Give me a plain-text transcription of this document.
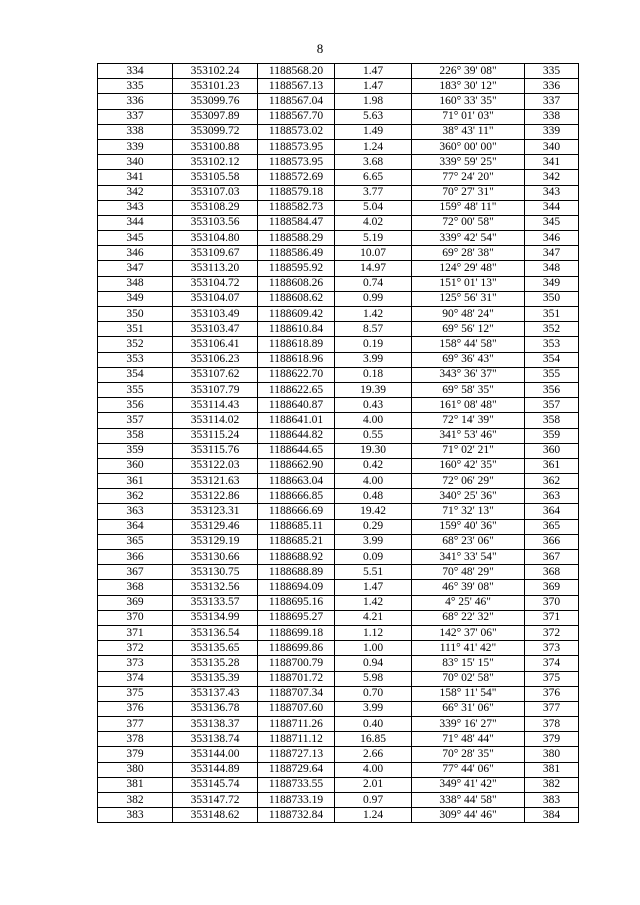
8
334	353102.24	1188568.20	1.47	226° 39' 08"	335
335	353101.23	1188567.13	1.47	183° 30' 12"	336
336	353099.76	1188567.04	1.98	160° 33' 35"	337
337	353097.89	1188567.70	5.63	71° 01' 03"	338
338	353099.72	1188573.02	1.49	38° 43' 11"	339
339	353100.88	1188573.95	1.24	360° 00' 00"	340
340	353102.12	1188573.95	3.68	339° 59' 25"	341
341	353105.58	1188572.69	6.65	77° 24' 20"	342
342	353107.03	1188579.18	3.77	70° 27' 31"	343
343	353108.29	1188582.73	5.04	159° 48' 11"	344
344	353103.56	1188584.47	4.02	72° 00' 58"	345
345	353104.80	1188588.29	5.19	339° 42' 54"	346
346	353109.67	1188586.49	10.07	69° 28' 38"	347
347	353113.20	1188595.92	14.97	124° 29' 48"	348
348	353104.72	1188608.26	0.74	151° 01' 13"	349
349	353104.07	1188608.62	0.99	125° 56' 31"	350
350	353103.49	1188609.42	1.42	90° 48' 24"	351
351	353103.47	1188610.84	8.57	69° 56' 12"	352
352	353106.41	1188618.89	0.19	158° 44' 58"	353
353	353106.23	1188618.96	3.99	69° 36' 43"	354
354	353107.62	1188622.70	0.18	343° 36' 37"	355
355	353107.79	1188622.65	19.39	69° 58' 35"	356
356	353114.43	1188640.87	0.43	161° 08' 48"	357
357	353114.02	1188641.01	4.00	72° 14' 39"	358
358	353115.24	1188644.82	0.55	341° 53' 46"	359
359	353115.76	1188644.65	19.30	71° 02' 21"	360
360	353122.03	1188662.90	0.42	160° 42' 35"	361
361	353121.63	1188663.04	4.00	72° 06' 29"	362
362	353122.86	1188666.85	0.48	340° 25' 36"	363
363	353123.31	1188666.69	19.42	71° 32' 13"	364
364	353129.46	1188685.11	0.29	159° 40' 36"	365
365	353129.19	1188685.21	3.99	68° 23' 06"	366
366	353130.66	1188688.92	0.09	341° 33' 54"	367
367	353130.75	1188688.89	5.51	70° 48' 29"	368
368	353132.56	1188694.09	1.47	46° 39' 08"	369
369	353133.57	1188695.16	1.42	4° 25' 46"	370
370	353134.99	1188695.27	4.21	68° 22' 32"	371
371	353136.54	1188699.18	1.12	142° 37' 06"	372
372	353135.65	1188699.86	1.00	111° 41' 42"	373
373	353135.28	1188700.79	0.94	83° 15' 15"	374
374	353135.39	1188701.72	5.98	70° 02' 58"	375
375	353137.43	1188707.34	0.70	158° 11' 54"	376
376	353136.78	1188707.60	3.99	66° 31' 06"	377
377	353138.37	1188711.26	0.40	339° 16' 27"	378
378	353138.74	1188711.12	16.85	71° 48' 44"	379
379	353144.00	1188727.13	2.66	70° 28' 35"	380
380	353144.89	1188729.64	4.00	77° 44' 06"	381
381	353145.74	1188733.55	2.01	349° 41' 42"	382
382	353147.72	1188733.19	0.97	338° 44' 58"	383
383	353148.62	1188732.84	1.24	309° 44' 46"	384
